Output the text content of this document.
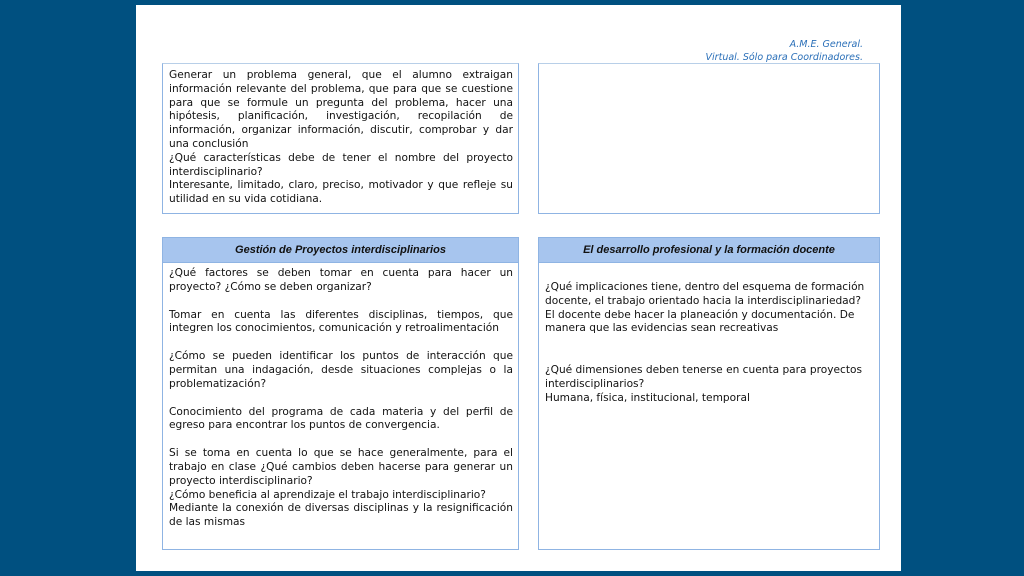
A.M.E. General.
Virtual. Sólo para Coordinadores.

Generar un problema general, que el alumno extraigan información relevante del problema, que para que se cuestione para que se formule un pregunta del problema, hacer una hipótesis, planificación, investigación, recopilación de información, organizar información, discutir, comprobar y dar una conclusión

¿Qué características debe de tener el nombre del proyecto interdisciplinario?

Interesante, limitado, claro, preciso, motivador y que refleje su utilidad en su vida cotidiana.

Gestión de Proyectos interdisciplinarios

¿Qué factores se deben tomar en cuenta para hacer un proyecto? ¿Cómo se deben organizar?

Tomar en cuenta las diferentes disciplinas, tiempos, que integren los conocimientos, comunicación y retroalimentación

¿Cómo se pueden identificar los puntos de interacción que permitan una indagación, desde situaciones complejas o la problematización?

Conocimiento del programa de cada materia y del perfil de egreso para encontrar los puntos de convergencia.

Si se toma en cuenta lo que se hace generalmente, para el trabajo en clase ¿Qué cambios deben hacerse para generar un proyecto interdisciplinario?

¿Cómo beneficia al aprendizaje el trabajo interdisciplinario?

Mediante la conexión de diversas disciplinas y la resignificación de las mismas

El desarrollo profesional y la formación docente

¿Qué implicaciones tiene, dentro del esquema de formación docente, el trabajo orientado hacia la interdisciplinariedad?

El docente debe hacer la planeación y documentación. De manera que las evidencias sean recreativas

¿Qué dimensiones deben tenerse en cuenta para proyectos interdisciplinarios?

Humana, física, institucional, temporal
